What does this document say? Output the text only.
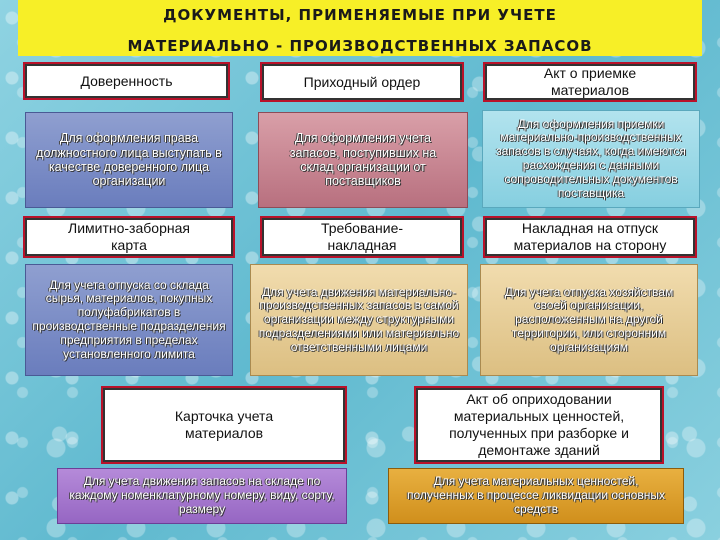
ДОКУМЕНТЫ, ПРИМЕНЯЕМЫЕ ПРИ УЧЕТЕ
МАТЕРИАЛЬНО - ПРОИЗВОДСТВЕННЫХ ЗАПАСОВ
Доверенность
Для оформления права должностного лица выступать в качестве доверенного лица организации
Приходный ордер
Для оформления учета запасов, поступивших на склад организации от поставщиков
Акт о приемке материалов
Для оформления приемки материально-производственных запасов в случаях, когда имеются расхождения с данными сопроводительных документов поставщика
Лимитно-заборная карта
Для учета отпуска со склада сырья, материалов, покупных полуфабрикатов в производственные подразделения предприятия в пределах установленного лимита
Требование-накладная
Для учета движения материально-производственных запасов в самой организации между структурными подразделениями или материально ответственными лицами
Накладная на отпуск материалов на сторону
Для учета отпуска хозяйствам своей организации, расположенным на другой территории, или сторонним организациям
Карточка учета материалов
Для учета движения запасов на складе по каждому номенклатурному номеру, виду, сорту, размеру
Акт об оприходовании материальных ценностей, полученных при разборке и демонтаже зданий
Для учета материальных ценностей, полученных в процессе ликвидации основных средств
